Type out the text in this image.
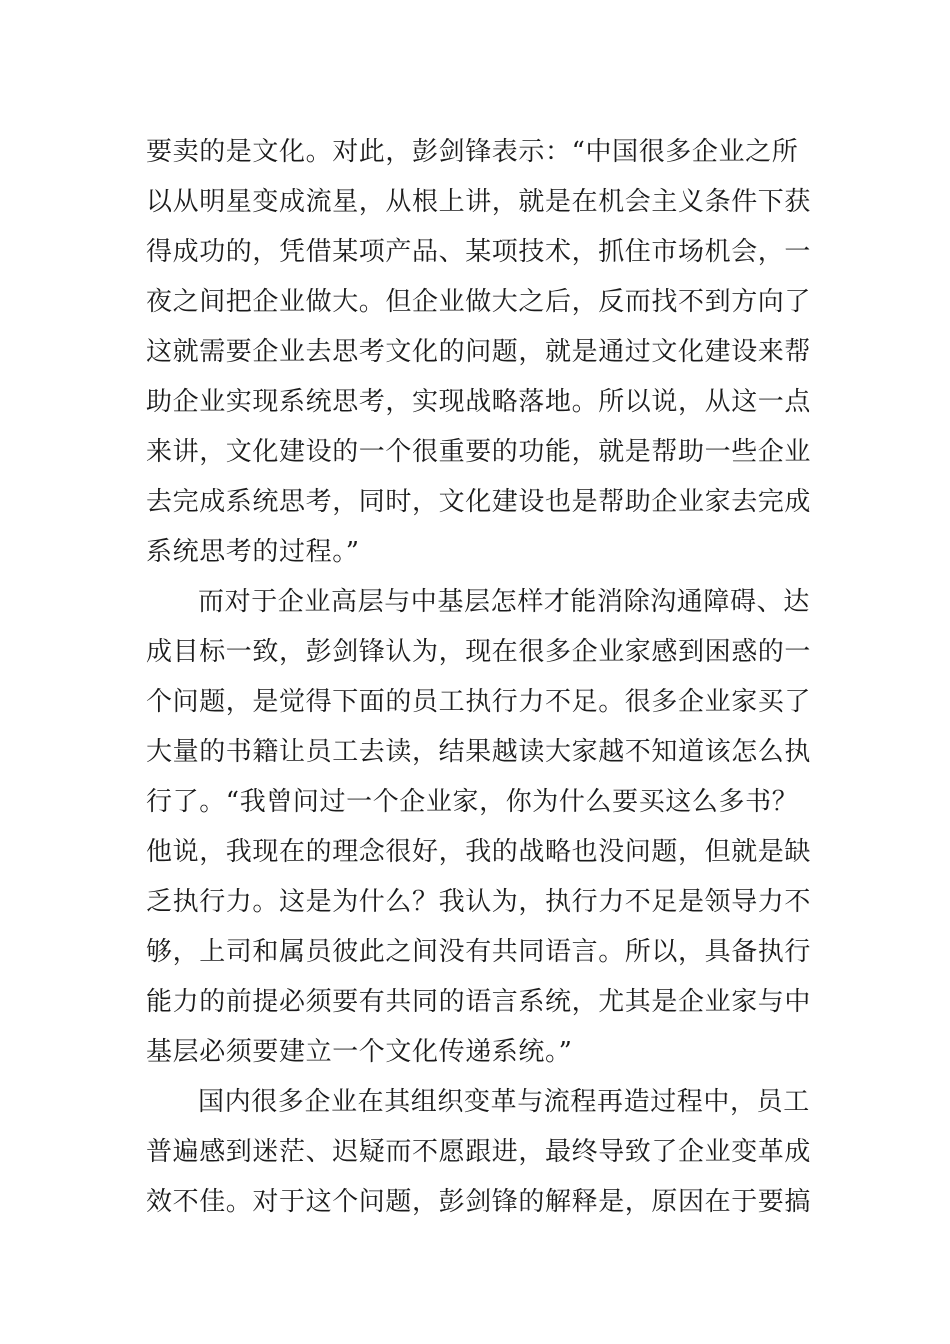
要卖的是文化。对此，彭剑锋表示：“中国很多企业之所
以从明星变成流星，从根上讲，就是在机会主义条件下获
得成功的，凭借某项产品、某项技术，抓住市场机会，一
夜之间把企业做大。但企业做大之后，反而找不到方向了
这就需要企业去思考文化的问题，就是通过文化建设来帮
助企业实现系统思考，实现战略落地。所以说，从这一点
来讲，文化建设的一个很重要的功能，就是帮助一些企业
去完成系统思考，同时，文化建设也是帮助企业家去完成
系统思考的过程。”
而对于企业高层与中基层怎样才能消除沟通障碍、达
成目标一致，彭剑锋认为，现在很多企业家感到困惑的一
个问题，是觉得下面的员工执行力不足。很多企业家买了
大量的书籍让员工去读，结果越读大家越不知道该怎么执
行了。“我曾问过一个企业家，你为什么要买这么多书？
他说，我现在的理念很好，我的战略也没问题，但就是缺
乏执行力。这是为什么？我认为，执行力不足是领导力不
够，上司和属员彼此之间没有共同语言。所以，具备执行
能力的前提必须要有共同的语言系统，尤其是企业家与中
基层必须要建立一个文化传递系统。”
国内很多企业在其组织变革与流程再造过程中，员工
普遍感到迷茫、迟疑而不愿跟进，最终导致了企业变革成
效不佳。对于这个问题，彭剑锋的解释是，原因在于要搞
